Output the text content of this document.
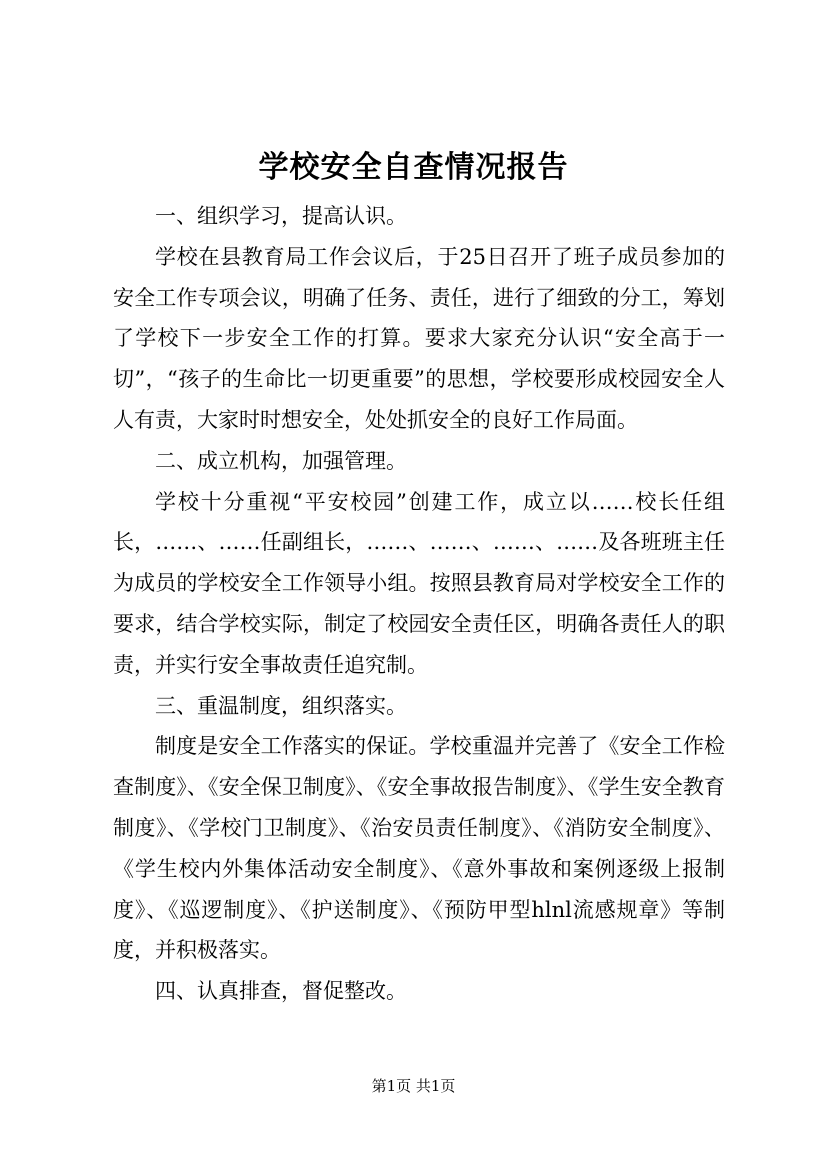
学校安全自查情况报告

一、组织学习，提高认识。

学校在县教育局工作会议后，于25日召开了班子成员参加的安全工作专项会议，明确了任务、责任，进行了细致的分工，筹划了学校下一步安全工作的打算。要求大家充分认识“安全高于一切”，“孩子的生命比一切更重要”的思想，学校要形成校园安全人人有责，大家时时想安全，处处抓安全的良好工作局面。

二、成立机构，加强管理。

学校十分重视“平安校园”创建工作，成立以……校长任组长，……、……任副组长，……、……、……、……及各班班主任为成员的学校安全工作领导小组。按照县教育局对学校安全工作的要求，结合学校实际，制定了校园安全责任区，明确各责任人的职责，并实行安全事故责任追究制。

三、重温制度，组织落实。

制度是安全工作落实的保证。学校重温并完善了《安全工作检查制度》、《安全保卫制度》、《安全事故报告制度》、《学生安全教育制度》、《学校门卫制度》、《治安员责任制度》、《消防安全制度》、《学生校内外集体活动安全制度》、《意外事故和案例逐级上报制度》、《巡逻制度》、《护送制度》、《预防甲型hlnl流感规章》等制度，并积极落实。

四、认真排查，督促整改。

第1页 共1页
